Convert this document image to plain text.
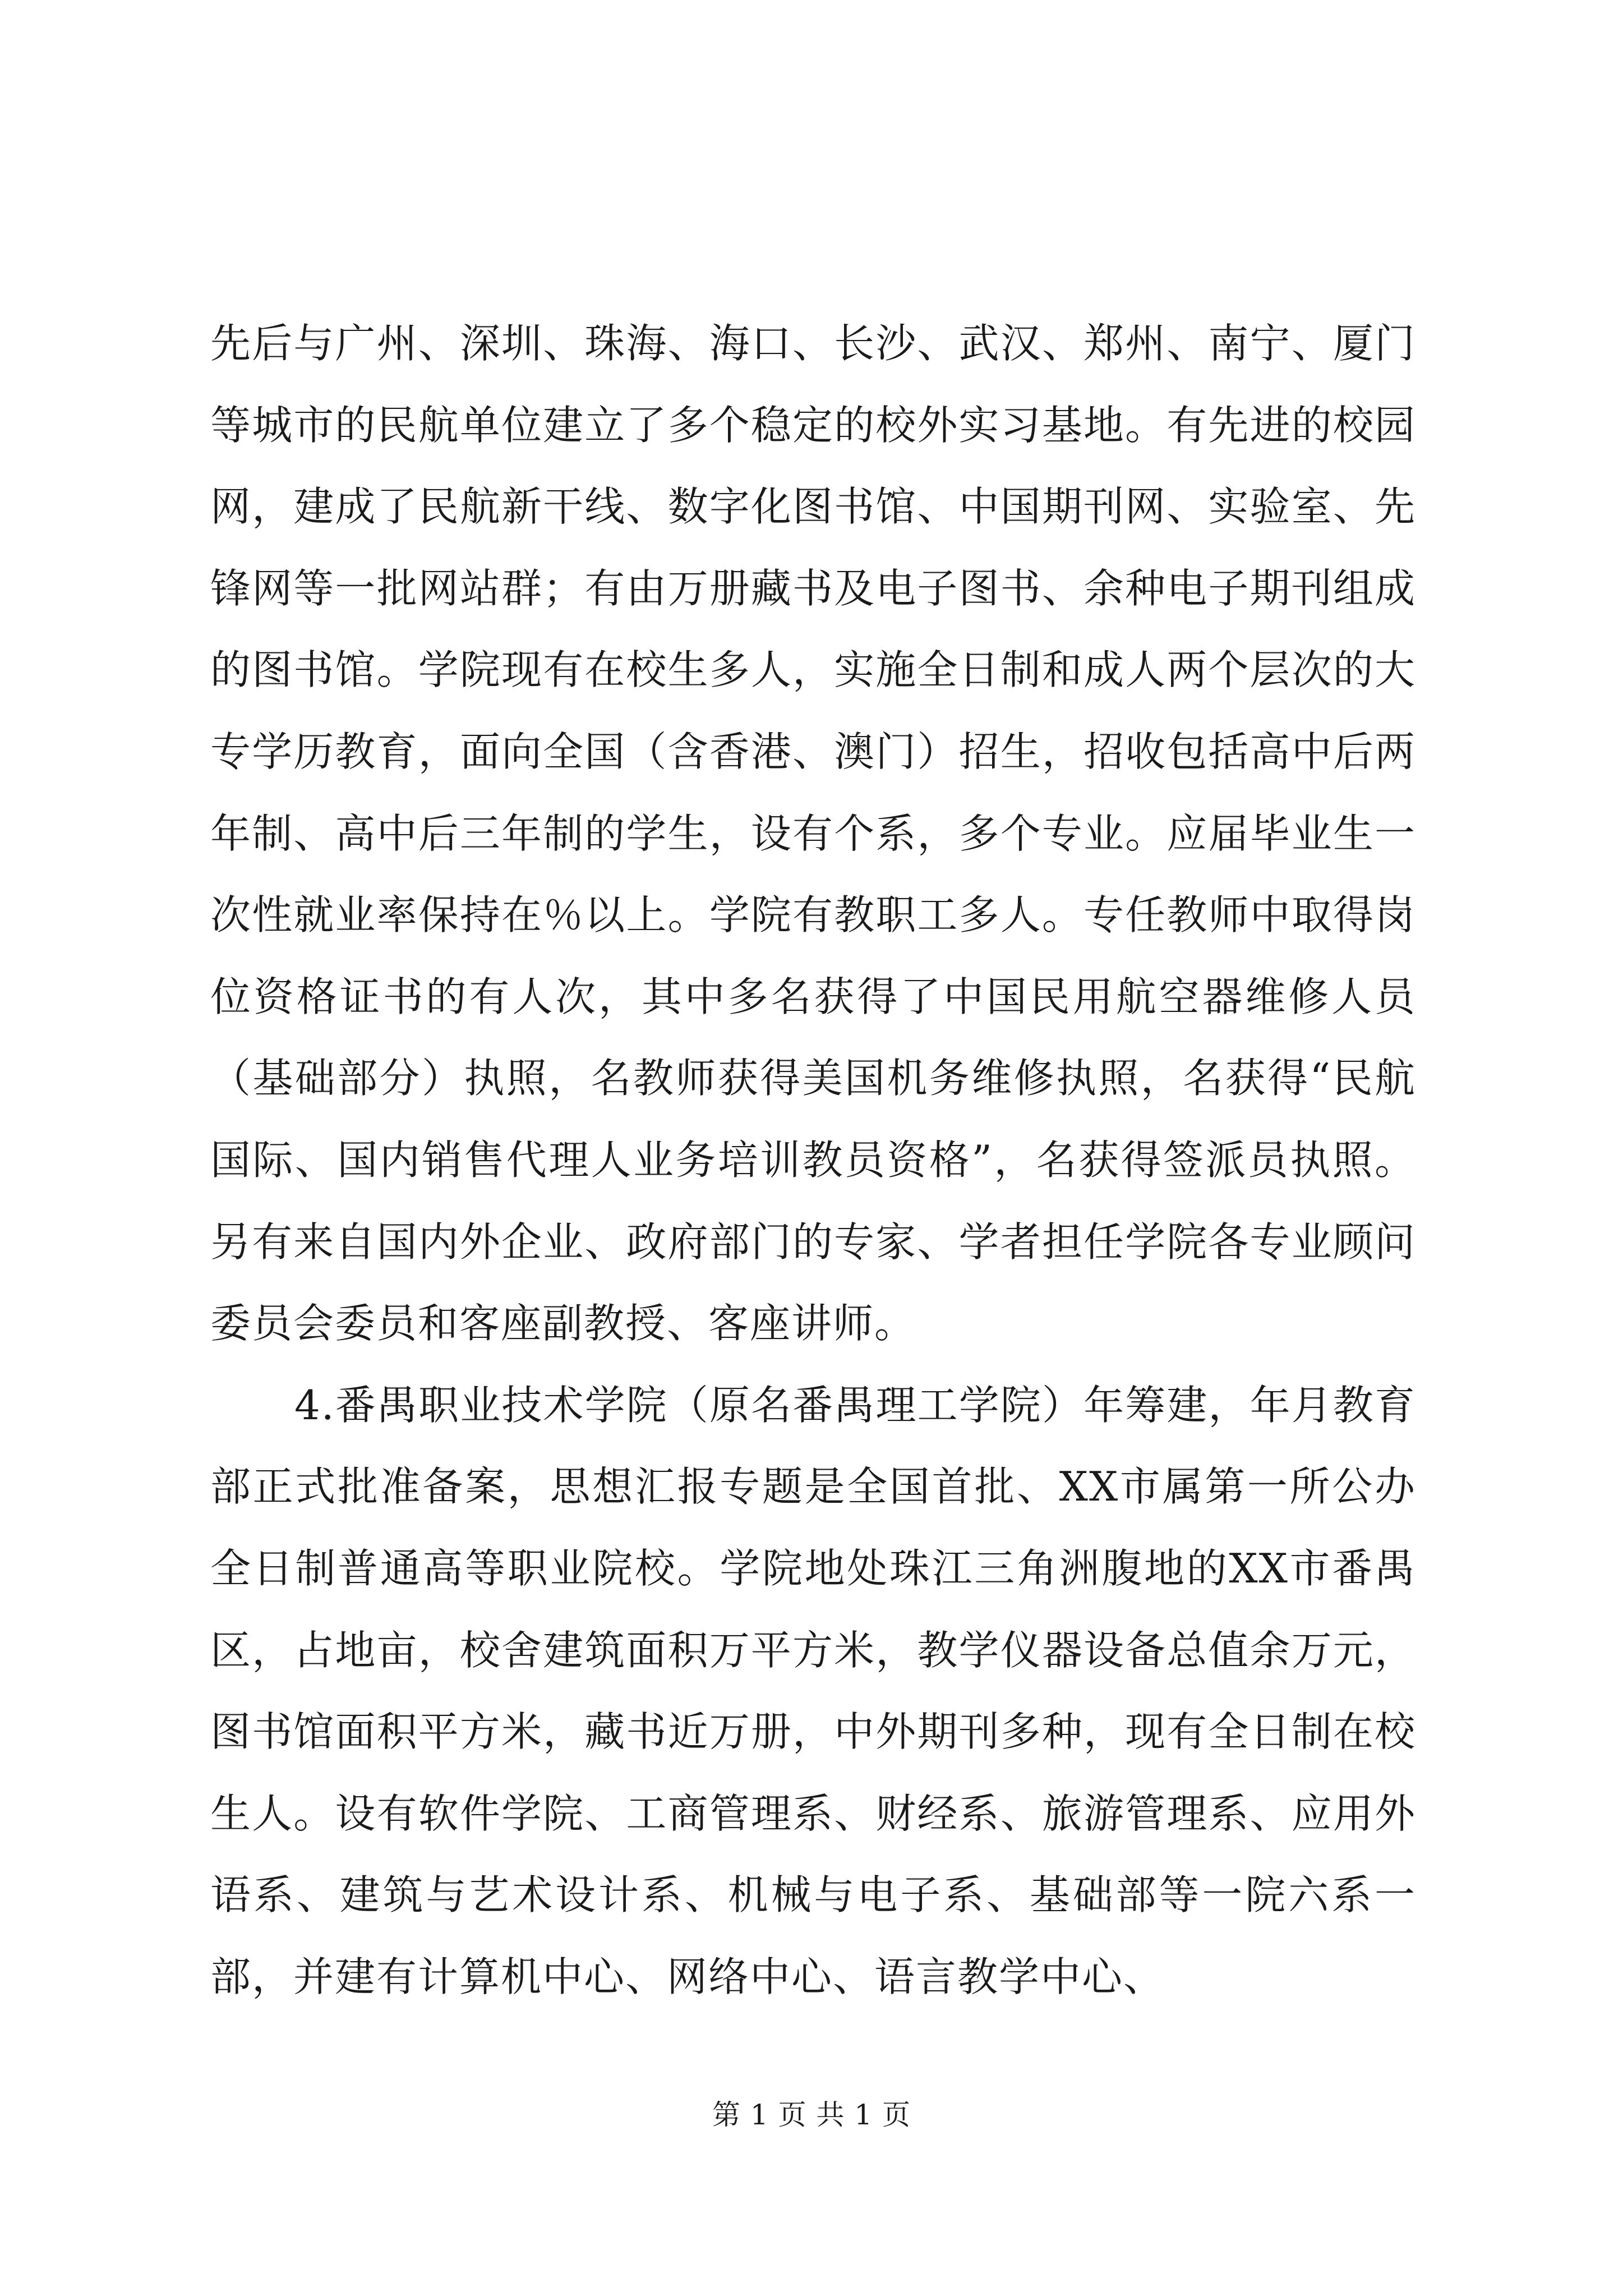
先后与广州、深圳、珠海、海口、长沙、武汉、郑州、南宁、厦门等城市的民航单位建立了多个稳定的校外实习基地。有先进的校园网，建成了民航新干线、数字化图书馆、中国期刊网、实验室、先锋网等一批网站群；有由万册藏书及电子图书、余种电子期刊组成的图书馆。学院现有在校生多人，实施全日制和成人两个层次的大专学历教育，面向全国（含香港、澳门）招生，招收包括高中后两年制、高中后三年制的学生，设有个系，多个专业。应届毕业生一次性就业率保持在％以上。学院有教职工多人。专任教师中取得岗位资格证书的有人次，其中多名获得了中国民用航空器维修人员（基础部分）执照，名教师获得美国机务维修执照，名获得“民航国际、国内销售代理人业务培训教员资格”，名获得签派员执照。另有来自国内外企业、政府部门的专家、学者担任学院各专业顾问委员会委员和客座副教授、客座讲师。

4.番禺职业技术学院（原名番禺理工学院）年筹建，年月教育部正式批准备案，思想汇报专题是全国首批、XX市属第一所公办全日制普通高等职业院校。学院地处珠江三角洲腹地的XX市番禺区，占地亩，校舍建筑面积万平方米，教学仪器设备总值余万元，图书馆面积平方米，藏书近万册，中外期刊多种，现有全日制在校生人。设有软件学院、工商管理系、财经系、旅游管理系、应用外语系、建筑与艺术设计系、机械与电子系、基础部等一院六系一部，并建有计算机中心、网络中心、语言教学中心、

第 1 页 共 1 页
